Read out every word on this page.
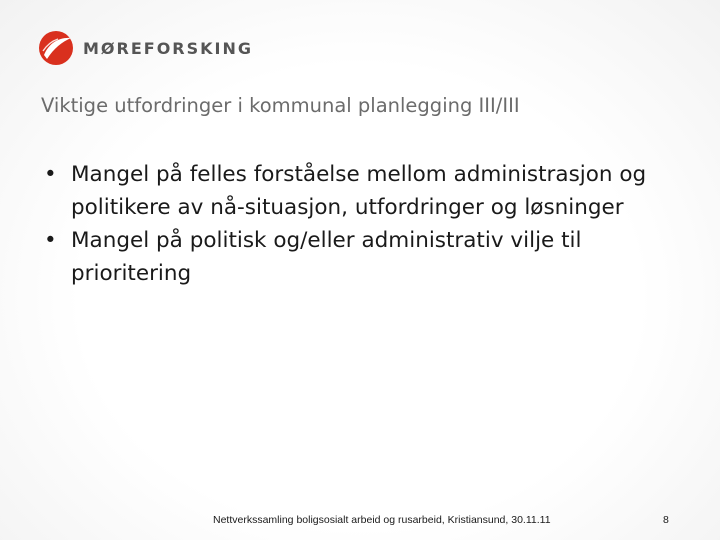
MØREFORSKING
Viktige utfordringer i kommunal planlegging III/III
• Mangel på felles forståelse mellom administrasjon og politikere av nå-situasjon, utfordringer og løsninger
• Mangel på politisk og/eller administrativ vilje til prioritering
Nettverkssamling boligsosialt arbeid og rusarbeid, Kristiansund, 30.11.11	8
